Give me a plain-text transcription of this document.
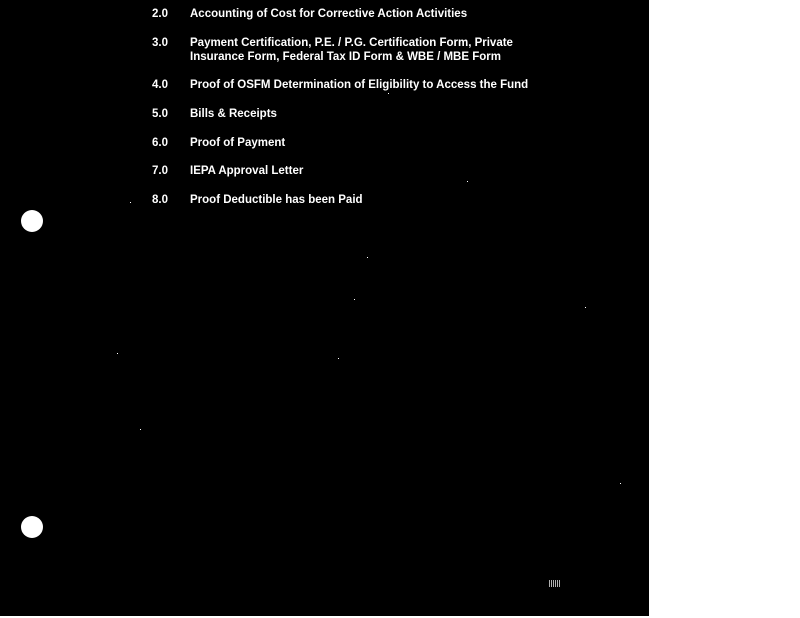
2.0 Accounting of Cost for Corrective Action Activities
3.0 Payment Certification, P.E. / P.G. Certification Form, Private
Insurance Form, Federal Tax ID Form & WBE / MBE Form
4.0 Proof of OSFM Determination of Eligibility to Access the Fund
5.0 Bills & Receipts
6.0 Proof of Payment
7.0 IEPA Approval Letter
8.0 Proof Deductible has been Paid
